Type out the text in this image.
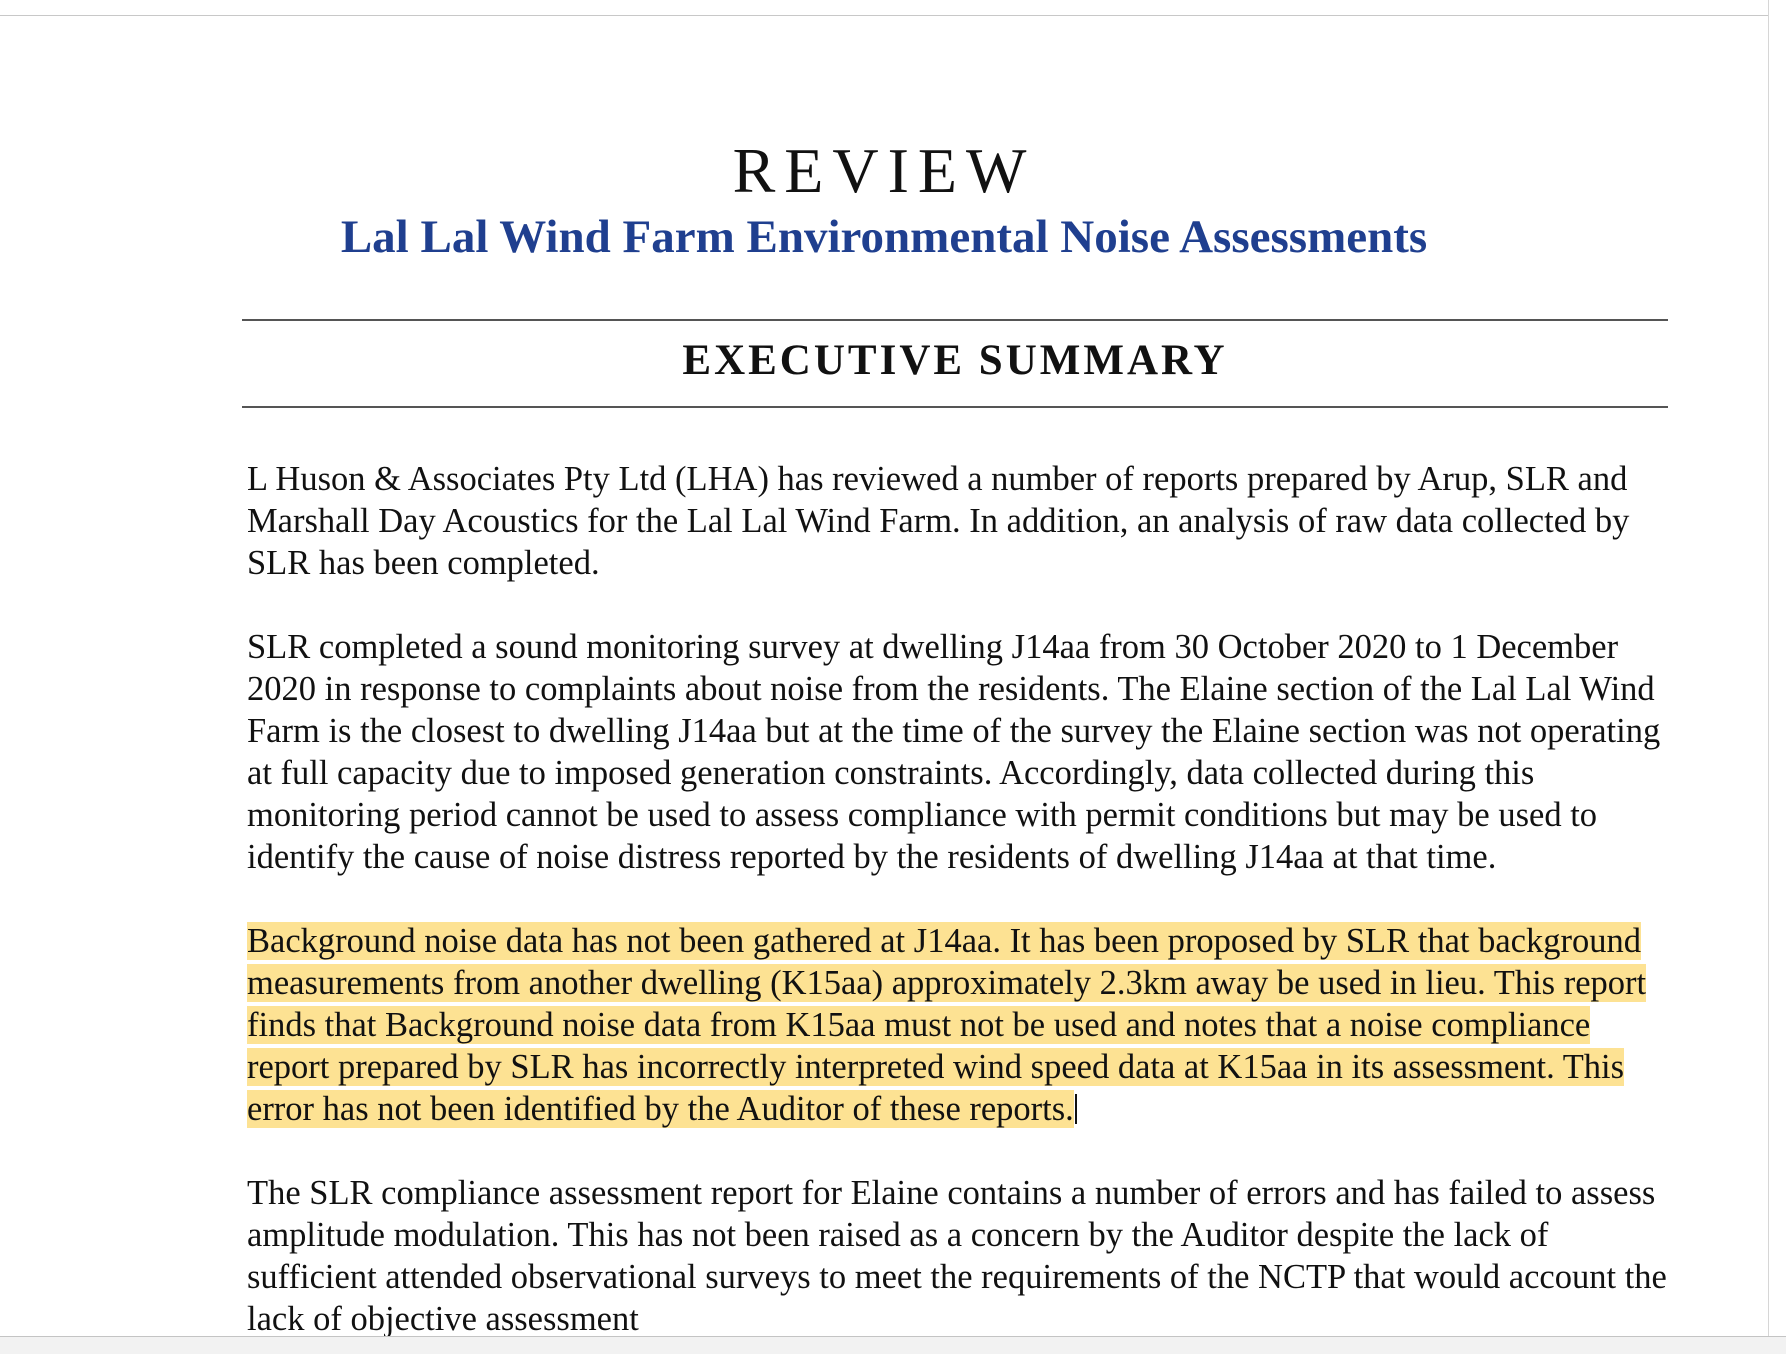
REVIEW
Lal Lal Wind Farm Environmental Noise Assessments
EXECUTIVE SUMMARY

L Huson & Associates Pty Ltd (LHA) has reviewed a number of reports prepared by Arup, SLR and Marshall Day Acoustics for the Lal Lal Wind Farm. In addition, an analysis of raw data collected by SLR has been completed.

SLR completed a sound monitoring survey at dwelling J14aa from 30 October 2020 to 1 December 2020 in response to complaints about noise from the residents. The Elaine section of the Lal Lal Wind Farm is the closest to dwelling J14aa but at the time of the survey the Elaine section was not operating at full capacity due to imposed generation constraints. Accordingly, data collected during this monitoring period cannot be used to assess compliance with permit conditions but may be used to identify the cause of noise distress reported by the residents of dwelling J14aa at that time.

Background noise data has not been gathered at J14aa. It has been proposed by SLR that background measurements from another dwelling (K15aa) approximately 2.3km away be used in lieu. This report finds that Background noise data from K15aa must not be used and notes that a noise compliance report prepared by SLR has incorrectly interpreted wind speed data at K15aa in its assessment. This error has not been identified by the Auditor of these reports.

The SLR compliance assessment report for Elaine contains a number of errors and has failed to assess amplitude modulation. This has not been raised as a concern by the Auditor despite the lack of sufficient attended observational surveys to meet the requirements of the NCTP that would account the lack of objective assessment
